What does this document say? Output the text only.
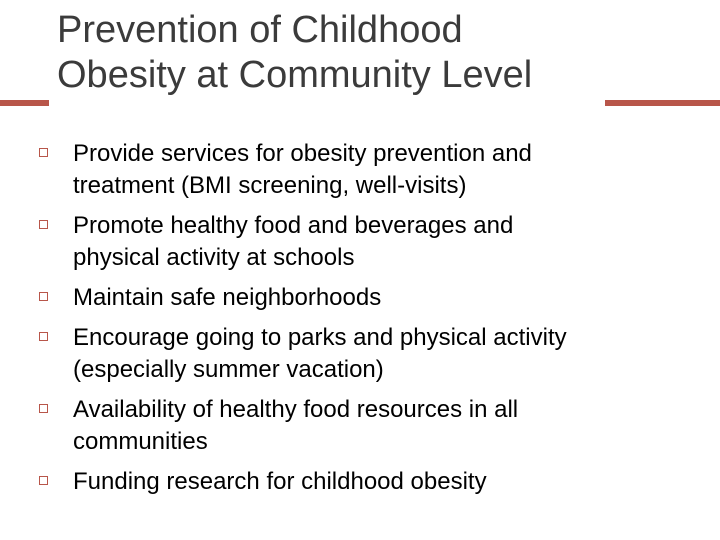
Prevention of Childhood
Obesity at Community Level
Provide services for obesity prevention and
treatment (BMI screening, well-visits)
Promote healthy food and beverages and
physical activity at schools
Maintain safe neighborhoods
Encourage going to parks and physical activity
(especially summer vacation)
Availability of healthy food resources in all
communities
Funding research for childhood obesity
